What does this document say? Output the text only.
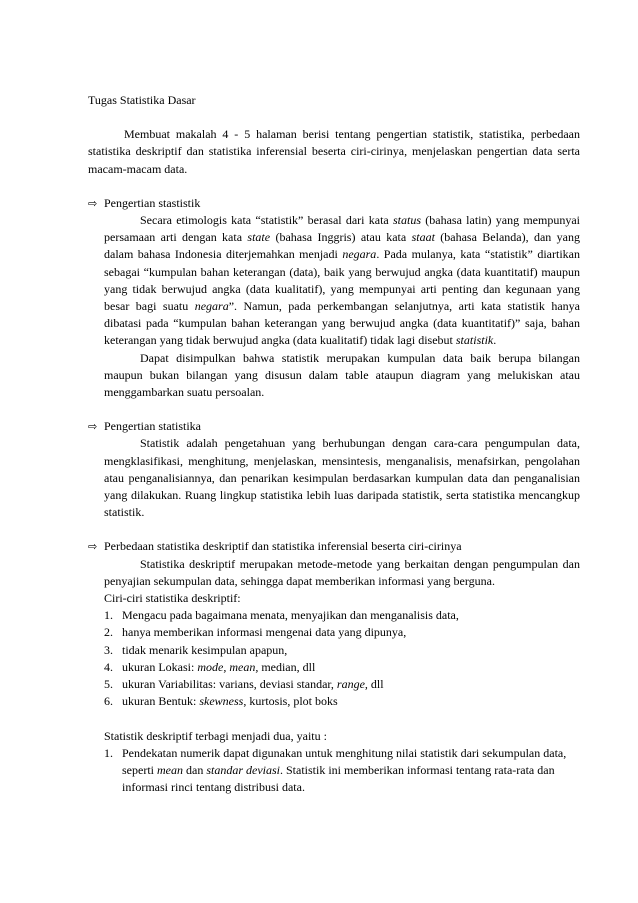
Tugas Statistika Dasar

Membuat makalah 4 - 5 halaman berisi tentang pengertian statistik, statistika, perbedaan statistika deskriptif dan statistika inferensial beserta ciri-cirinya, menjelaskan pengertian data serta macam-macam data.

⇨ Pengertian stastistik

Secara etimologis kata “statistik” berasal dari kata status (bahasa latin) yang mempunyai persamaan arti dengan kata state (bahasa Inggris) atau kata staat (bahasa Belanda), dan yang dalam bahasa Indonesia diterjemahkan menjadi negara. Pada mulanya, kata “statistik” diartikan sebagai “kumpulan bahan keterangan (data), baik yang berwujud angka (data kuantitatif) maupun yang tidak berwujud angka (data kualitatif), yang mempunyai arti penting dan kegunaan yang besar bagi suatu negara”. Namun, pada perkembangan selanjutnya, arti kata statistik hanya dibatasi pada “kumpulan bahan keterangan yang berwujud angka (data kuantitatif)” saja, bahan keterangan yang tidak berwujud angka (data kualitatif) tidak lagi disebut statistik.

Dapat disimpulkan bahwa statistik merupakan kumpulan data baik berupa bilangan maupun bukan bilangan yang disusun dalam table ataupun diagram yang melukiskan atau menggambarkan suatu persoalan.

⇨ Pengertian statistika

Statistik adalah pengetahuan yang berhubungan dengan cara-cara pengumpulan data, mengklasifikasi, menghitung, menjelaskan, mensintesis, menganalisis, menafsirkan, pengolahan atau penganalisiannya, dan penarikan kesimpulan berdasarkan kumpulan data dan penganalisian yang dilakukan. Ruang lingkup statistika lebih luas daripada statistik, serta statistika mencangkup statistik.

⇨ Perbedaan statistika deskriptif dan statistika inferensial beserta ciri-cirinya

Statistika deskriptif merupakan metode-metode yang berkaitan dengan pengumpulan dan penyajian sekumpulan data, sehingga dapat memberikan informasi yang berguna.

Ciri-ciri statistika deskriptif:

1. Mengacu pada bagaimana menata, menyajikan dan menganalisis data,
2. hanya memberikan informasi mengenai data yang dipunya,
3. tidak menarik kesimpulan apapun,
4. ukuran Lokasi: mode, mean, median, dll
5. ukuran Variabilitas: varians, deviasi standar, range, dll
6. ukuran Bentuk: skewness, kurtosis, plot boks

Statistik deskriptif terbagi menjadi dua, yaitu :

1. Pendekatan numerik dapat digunakan untuk menghitung nilai statistik dari sekumpulan data, seperti mean dan standar deviasi. Statistik ini memberikan informasi tentang rata-rata dan informasi rinci tentang distribusi data.
